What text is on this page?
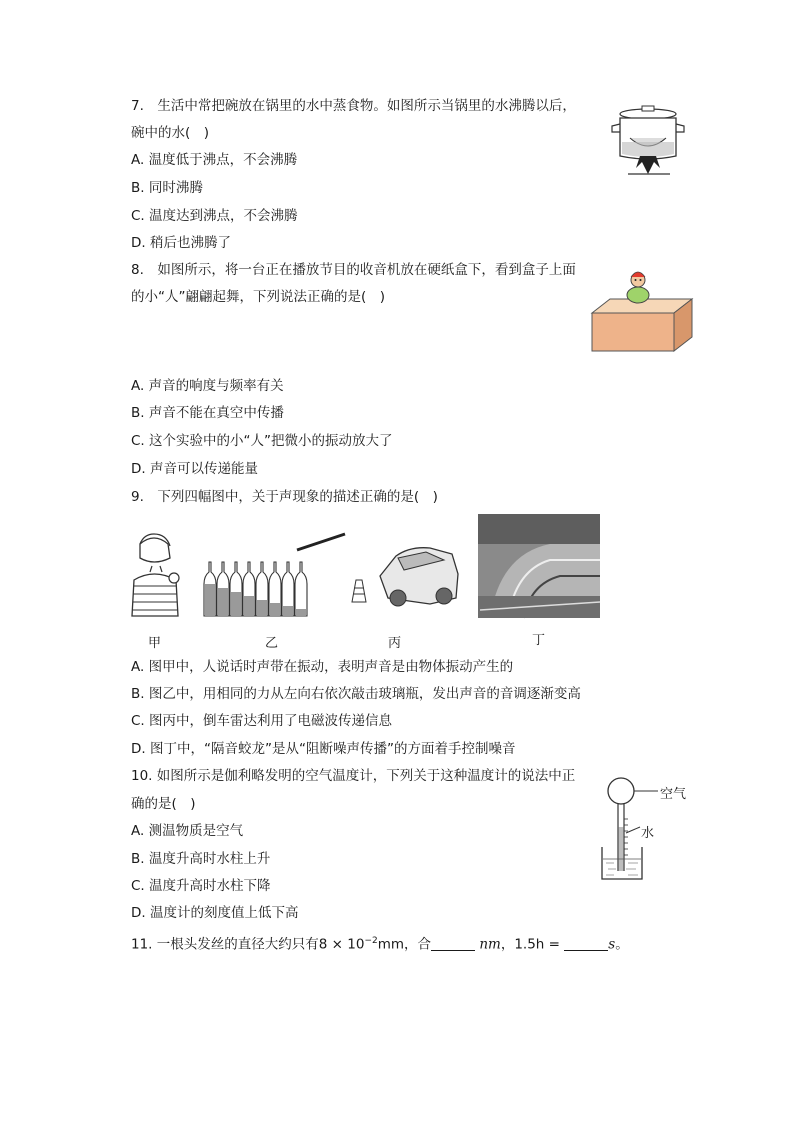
7.　生活中常把碗放在锅里的水中蒸食物。如图所示当锅里的水沸腾以后，
碗中的水(　)
A. 温度低于沸点，不会沸腾
B. 同时沸腾
C. 温度达到沸点，不会沸腾
D. 稍后也沸腾了
8.　如图所示，将一台正在播放节目的收音机放在硬纸盒下，看到盒子上面
的小“人”翩翩起舞，下列说法正确的是(　)
A. 声音的响度与频率有关
B. 声音不能在真空中传播
C. 这个实验中的小“人”把微小的振动放大了
D. 声音可以传递能量
9.　下列四幅图中，关于声现象的描述正确的是(　)
甲	乙	丙	丁
A. 图甲中，人说话时声带在振动，表明声音是由物体振动产生的
B. 图乙中，用相同的力从左向右依次敲击玻璃瓶，发出声音的音调逐渐变高
C. 图丙中，倒车雷达利用了电磁波传递信息
D. 图丁中，“隔音蛟龙”是从“阻断噪声传播”的方面着手控制噪音
10. 如图所示是伽利略发明的空气温度计，下列关于这种温度计的说法中正
确的是(　)
A. 测温物质是空气
B. 温度升高时水柱上升
C. 温度升高时水柱下降
D. 温度计的刻度值上低下高
空气
水
11. 一根头发丝的直径大约只有$8 \times 10^{-2}mm$，合	nm，1.5h =	s。
